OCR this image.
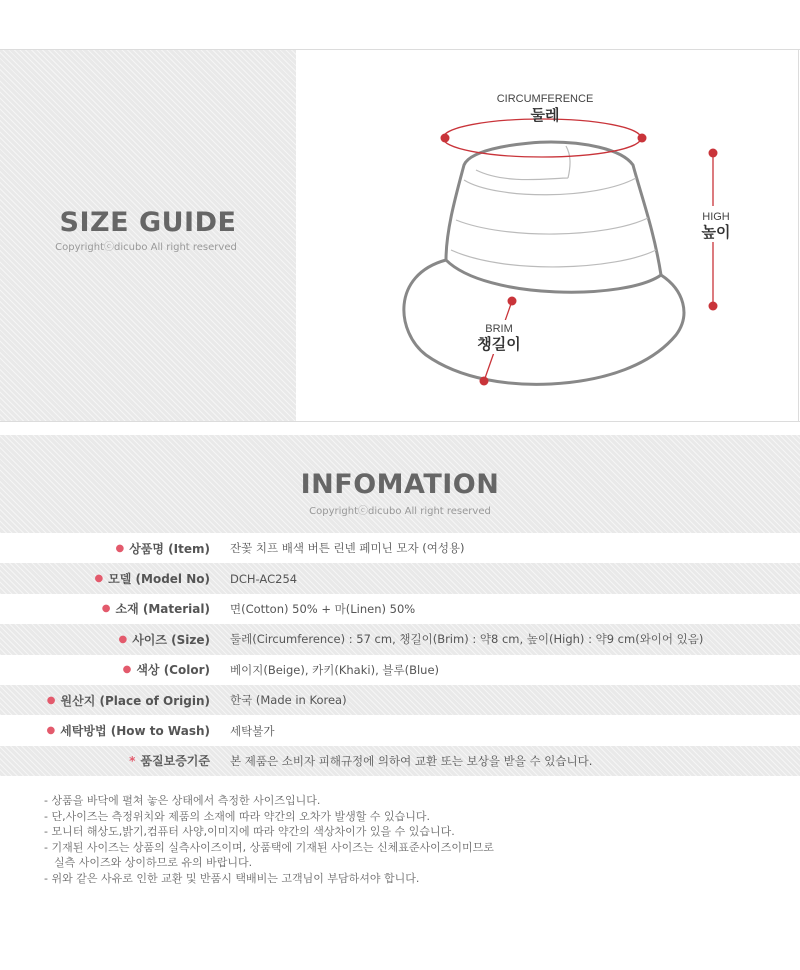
SIZE GUIDE
Copyrightⓒdicubo All right reserved
CIRCUMFERENCE
둘레
HIGH
높이
BRIM
챙길이
INFOMATION
Copyrightⓒdicubo All right reserved
● 상품명 (Item) 잔꽃 치프 배색 버튼 린넨 페미닌 모자 (여성용)
● 모델 (Model No) DCH-AC254
● 소재 (Material) 면(Cotton) 50% + 마(Linen) 50%
● 사이즈 (Size) 둘레(Circumference) : 57 cm, 챙길이(Brim) : 약8 cm, 높이(High) : 약9 cm(와이어 있음)
● 색상 (Color) 베이지(Beige), 카키(Khaki), 블루(Blue)
● 원산지 (Place of Origin) 한국 (Made in Korea)
● 세탁방법 (How to Wash) 세탁불가
* 품질보증기준 본 제품은 소비자 피해규정에 의하여 교환 또는 보상을 받을 수 있습니다.
- 상품을 바닥에 펼쳐 놓은 상태에서 측정한 사이즈입니다.
- 단,사이즈는 측정위치와 제품의 소재에 따라 약간의 오차가 발생할 수 있습니다.
- 모니터 해상도,밝기,컴퓨터 사양,이미지에 따라 약간의 색상차이가 있을 수 있습니다.
- 기재된 사이즈는 상품의 실측사이즈이며, 상품택에 기재된 사이즈는 신체표준사이즈이미므로
실측 사이즈와 상이하므로 유의 바랍니다.
- 위와 같은 사유로 인한 교환 및 반품시 택배비는 고객님이 부담하셔야 합니다.
